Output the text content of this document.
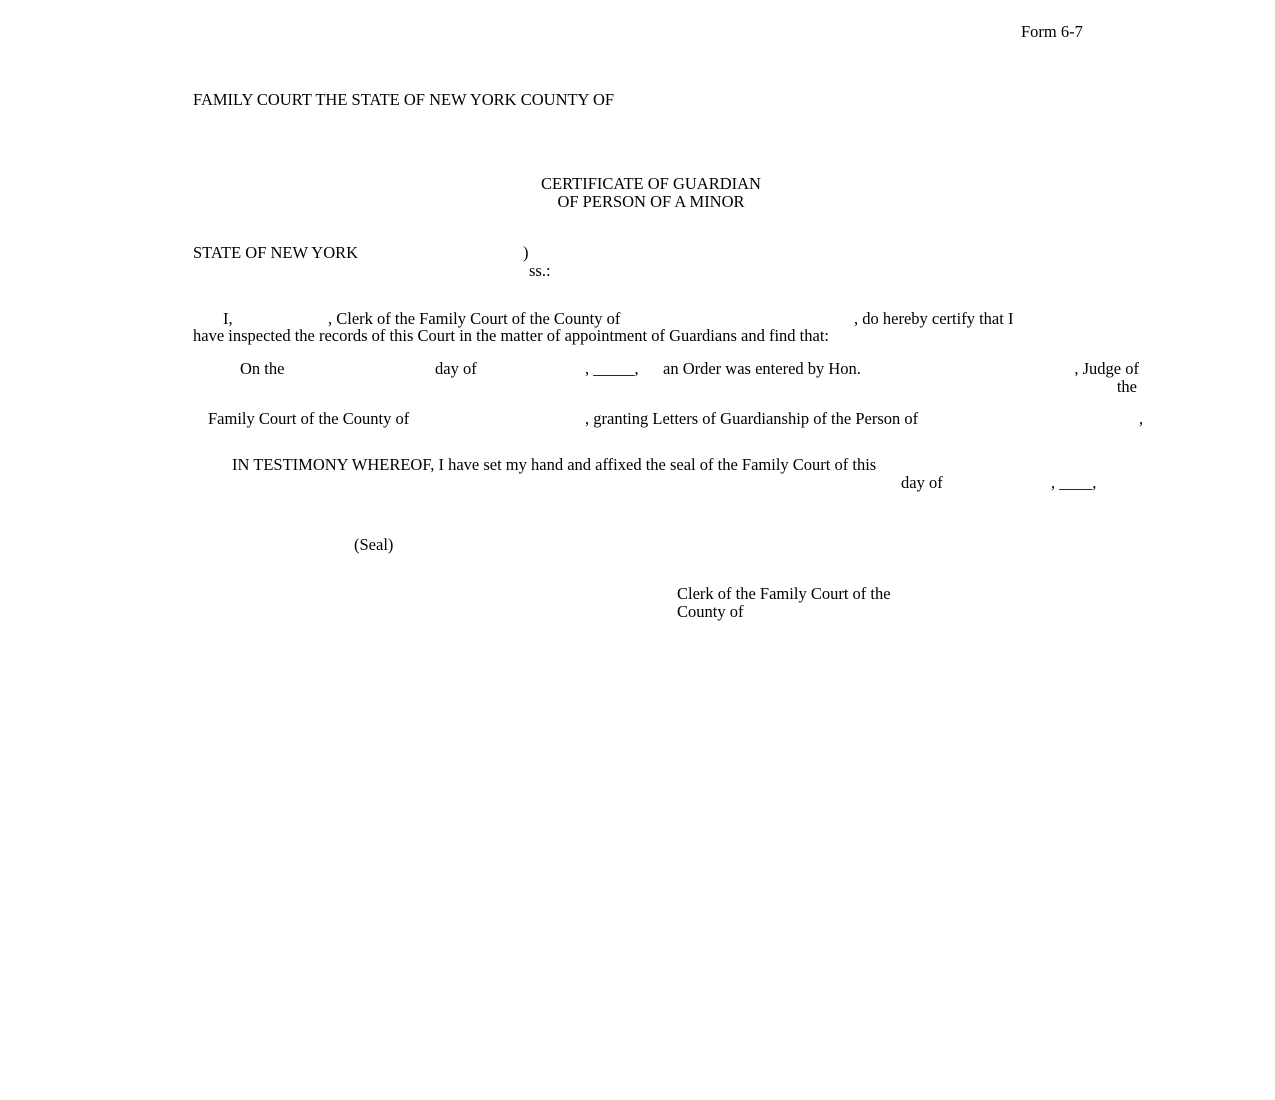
Form 6-7

FAMILY COURT THE STATE OF NEW YORK COUNTY OF

CERTIFICATE OF GUARDIAN

OF PERSON OF A MINOR

STATE OF NEW YORK	)

ss.:

I,	, Clerk of the Family Court of the County of	, do hereby certify that I

have inspected the records of this Court in the matter of appointment of Guardians and find that:

On the	day of	, _____, an Order was entered by Hon.	, Judge of

the

Family Court of the County of	, granting Letters of Guardianship of the Person of	,

IN TESTIMONY WHEREOF, I have set my hand and affixed the seal of the Family Court of this

day of	, ____,

(Seal)

Clerk of the Family Court of the

County of
